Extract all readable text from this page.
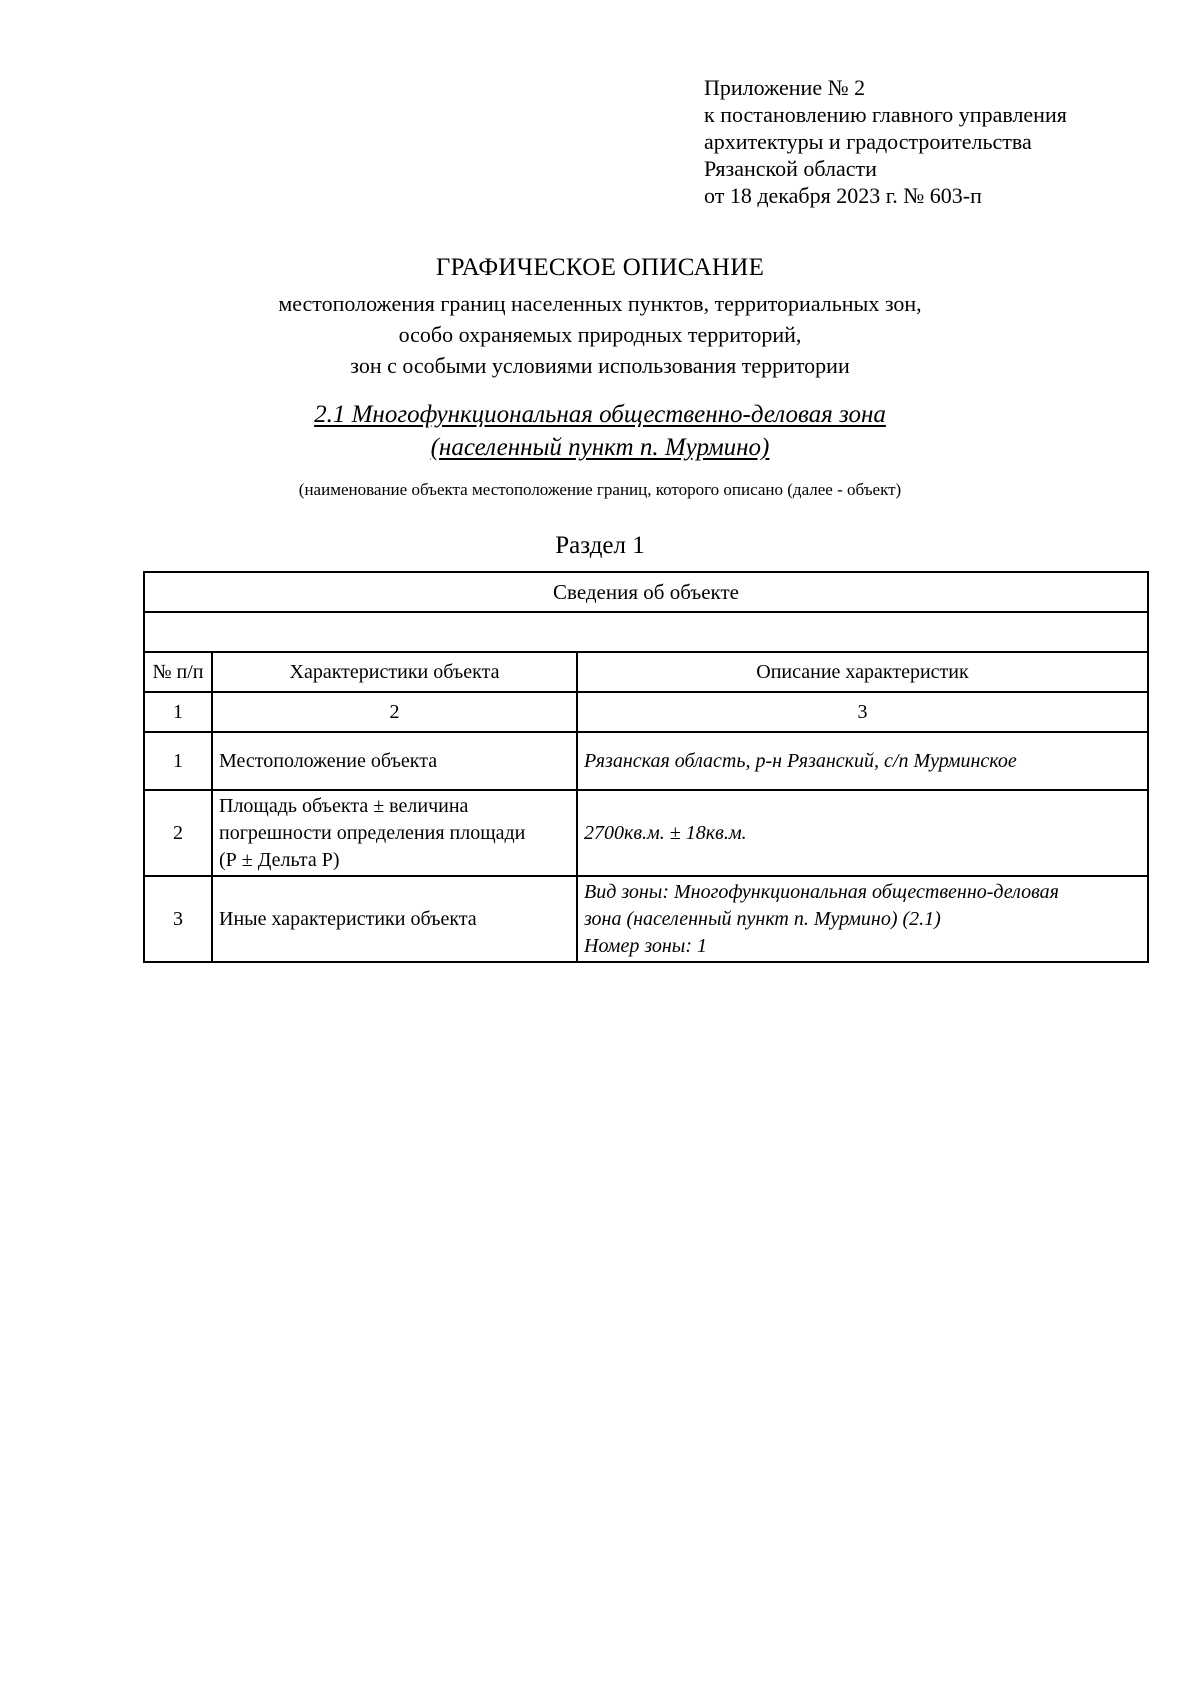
Приложение № 2
к постановлению главного управления
архитектуры и градостроительства
Рязанской области
от 18 декабря 2023 г. № 603-п
ГРАФИЧЕСКОЕ ОПИСАНИЕ
местоположения границ населенных пунктов, территориальных зон,
особо охраняемых природных территорий,
зон с особыми условиями использования территории
2.1 Многофункциональная общественно-деловая зона
(населенный пункт п. Мурмино)
(наименование объекта местоположение границ, которого описано (далее - объект)
Раздел 1
Сведения об объекте		

№ п/п	Характеристики объекта	Описание характеристик
1	2	3
1	Местоположение объекта	Рязанская область, р-н Рязанский, с/п Мурминское

2	Площадь объекта ± величина
погрешности определения площади
(Р ± Дельта Р)	2700кв.м. ± 18кв.м.

3	Иные характеристики объекта	Вид зоны: Многофункциональная общественно-деловая
зона (населенный пункт п. Мурмино) (2.1)
Номер зоны: 1
